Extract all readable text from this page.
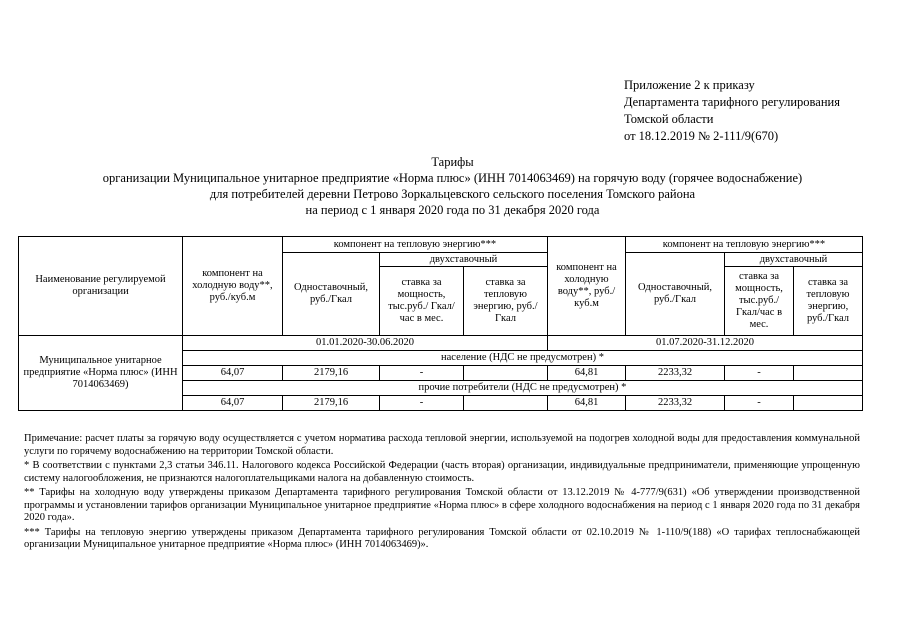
Приложение 2 к приказу
Департамента тарифного регулирования
Томской области
от 18.12.2019 № 2-111/9(670)
Тарифы
организации Муниципальное унитарное предприятие «Норма плюс» (ИНН 7014063469) на горячую воду (горячее водоснабжение)
для потребителей деревни Петрово Зоркальцевского сельского поселения Томского района
на период с 1 января 2020 года по 31 декабря 2020 года
Наименование регулируемой организации	компонент на холодную воду**, руб./куб.м	компонент на тепловую энергию***			компонент на холодную воду**, руб./куб.м	компонент на тепловую энергию***		
		Одноставочный, руб./Гкал	двухставочный			Одноставочный, руб./Гкал	двухставочный	
			ставка за мощность, тыс.руб./ Гкал/час в мес.	ставка за тепловую энергию, руб./Гкал			ставка за мощность, тыс.руб./ Гкал/час в мес.	ставка за тепловую энергию, руб./Гкал
Муниципальное унитарное предприятие «Норма плюс» (ИНН 7014063469)	01.01.2020-30.06.2020				01.07.2020-31.12.2020			
	население (НДС не предусмотрен) *							
	64,07	2179,16	-		64,81	2233,32	-	
	прочие потребители (НДС не предусмотрен) *							
	64,07	2179,16	-		64,81	2233,32	-	

Примечание: расчет платы за горячую воду осуществляется с учетом норматива расхода тепловой энергии, используемой на подогрев холодной воды для предоставления коммунальной услуги по горячему водоснабжению на территории Томской области.

* В соответствии с пунктами 2,3 статьи 346.11. Налогового кодекса Российской Федерации (часть вторая) организации, индивидуальные предприниматели, применяющие упрощенную систему налогообложения, не признаются налогоплательщиками налога на добавленную стоимость.

** Тарифы на холодную воду утверждены приказом Департамента тарифного регулирования Томской области от 13.12.2019 № 4-777/9(631) «Об утверждении производственной программы и установлении тарифов организации Муниципальное унитарное предприятие «Норма плюс» в сфере холодного водоснабжения на период с 1 января 2020 года по 31 декабря 2020 года».

*** Тарифы на тепловую энергию утверждены приказом Департамента тарифного регулирования Томской области от 02.10.2019 № 1-110/9(188) «О тарифах теплоснабжающей организации Муниципальное унитарное предприятие «Норма плюс» (ИНН 7014063469)».
